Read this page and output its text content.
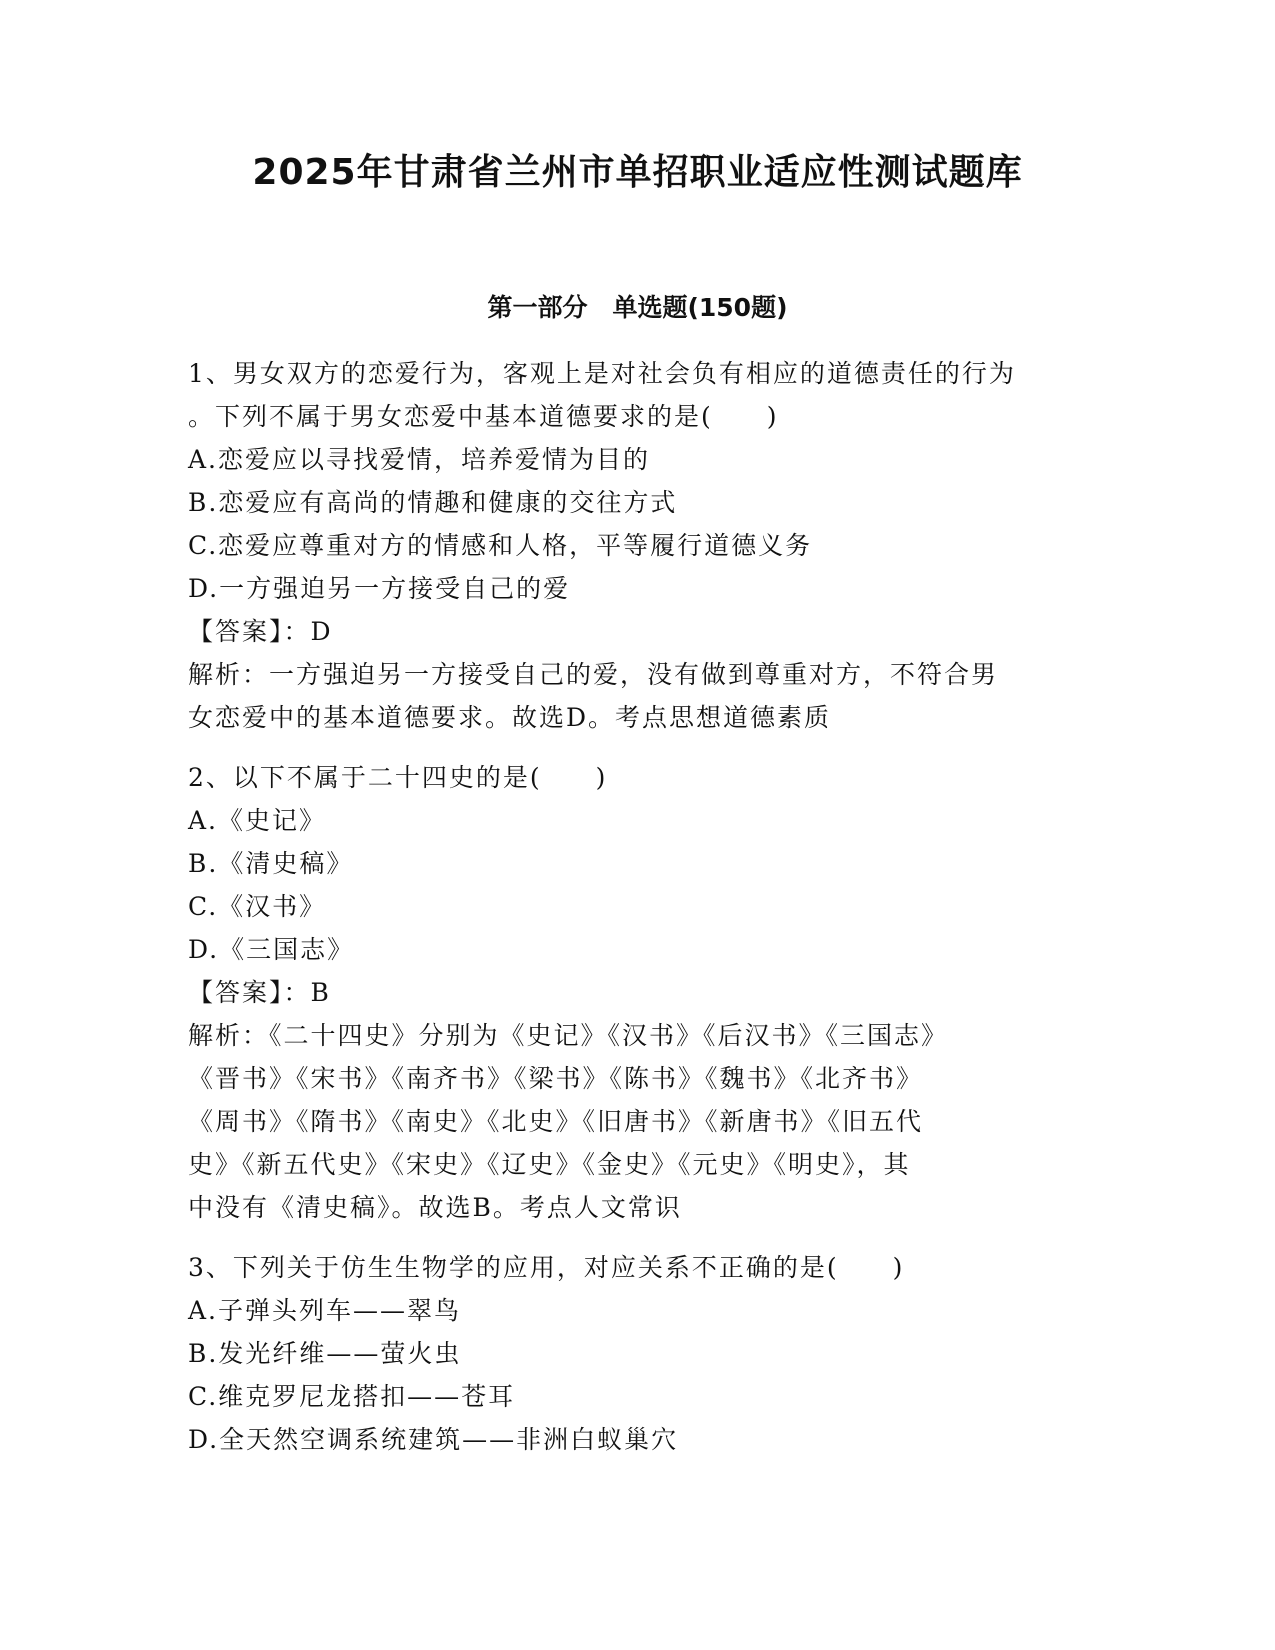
2025年甘肃省兰州市单招职业适应性测试题库
第一部分　单选题(150题)
1、男女双方的恋爱行为，客观上是对社会负有相应的道德责任的行为
。下列不属于男女恋爱中基本道德要求的是(　　)
A.恋爱应以寻找爱情，培养爱情为目的
B.恋爱应有高尚的情趣和健康的交往方式
C.恋爱应尊重对方的情感和人格，平等履行道德义务
D.一方强迫另一方接受自己的爱
【答案】：D
解析：一方强迫另一方接受自己的爱，没有做到尊重对方，不符合男
女恋爱中的基本道德要求。故选D。考点思想道德素质
2、以下不属于二十四史的是(　　)
A.《史记》
B.《清史稿》
C.《汉书》
D.《三国志》
【答案】：B
解析：《二十四史》分别为《史记》《汉书》《后汉书》《三国志》
《晋书》《宋书》《南齐书》《梁书》《陈书》《魏书》《北齐书》
《周书》《隋书》《南史》《北史》《旧唐书》《新唐书》《旧五代
史》《新五代史》《宋史》《辽史》《金史》《元史》《明史》，其
中没有《清史稿》。故选B。考点人文常识
3、下列关于仿生生物学的应用，对应关系不正确的是(　　)
A.子弹头列车——翠鸟
B.发光纤维——萤火虫
C.维克罗尼龙搭扣——苍耳
D.全天然空调系统建筑——非洲白蚁巢穴
